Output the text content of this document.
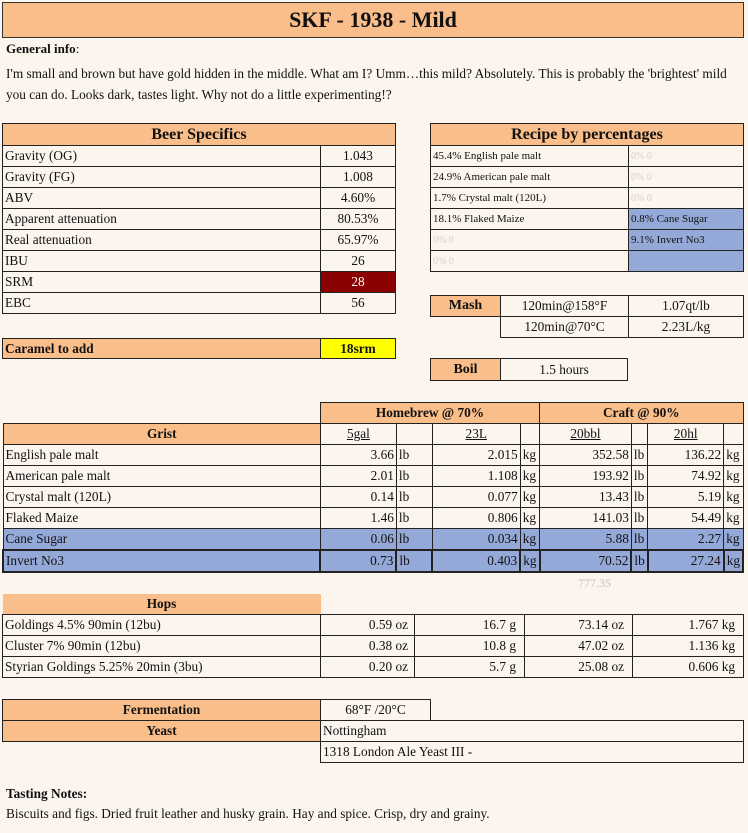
SKF - 1938 - Mild
General info:
I'm small and brown but have gold hidden in the middle. What am I? Umm…this mild? Absolutely. This is probably the 'brightest' mild you can do. Looks dark, tastes light. Why not do a little experimenting!?
Beer Specifics	
Gravity (OG)	1.043
Gravity (FG)	1.008
ABV	4.60%
Apparent attenuation	80.53%
Real attenuation	65.97%
IBU	26
SRM	28
EBC	56
Caramel to add	18srm
Recipe by percentages	
45.4% English pale malt	0% 0
24.9% American pale malt	0% 0
1.7% Crystal malt (120L)	0% 0
18.1% Flaked Maize	0.8% Cane Sugar
0% 0	9.1% Invert No3
0% 0	
Mash	120min@158°F	1.07qt/lb
	120min@70°C	2.23L/kg
Boil	1.5 hours
	Homebrew @ 70%				Craft @ 90%			
Grist	5gal		23L		20bbl		20hl	
English pale malt	3.66	lb	2.015	kg	352.58	lb	136.22	kg
American pale malt	2.01	lb	1.108	kg	193.92	lb	74.92	kg
Crystal malt (120L)	0.14	lb	0.077	kg	13.43	lb	5.19	kg
Flaked Maize	1.46	lb	0.806	kg	141.03	lb	54.49	kg
Cane Sugar	0.06	lb	0.034	kg	5.88	lb	2.27	kg
Invert No3	0.73	lb	0.403	kg	70.52	lb	27.24	kg
777.35
Hops				
Goldings 4.5% 90min (12bu)	0.59 oz	16.7 g	73.14 oz	1.767 kg
Cluster 7% 90min (12bu)	0.38 oz	10.8 g	47.02 oz	1.136 kg
Styrian Goldings 5.25% 20min (3bu)	0.20 oz	5.7 g	25.08 oz	0.606 kg
Fermentation	68°F /20°C	
Yeast	Nottingham	
	1318 London Ale Yeast III -	
Tasting Notes:
Biscuits and figs. Dried fruit leather and husky grain. Hay and spice. Crisp, dry and grainy.
